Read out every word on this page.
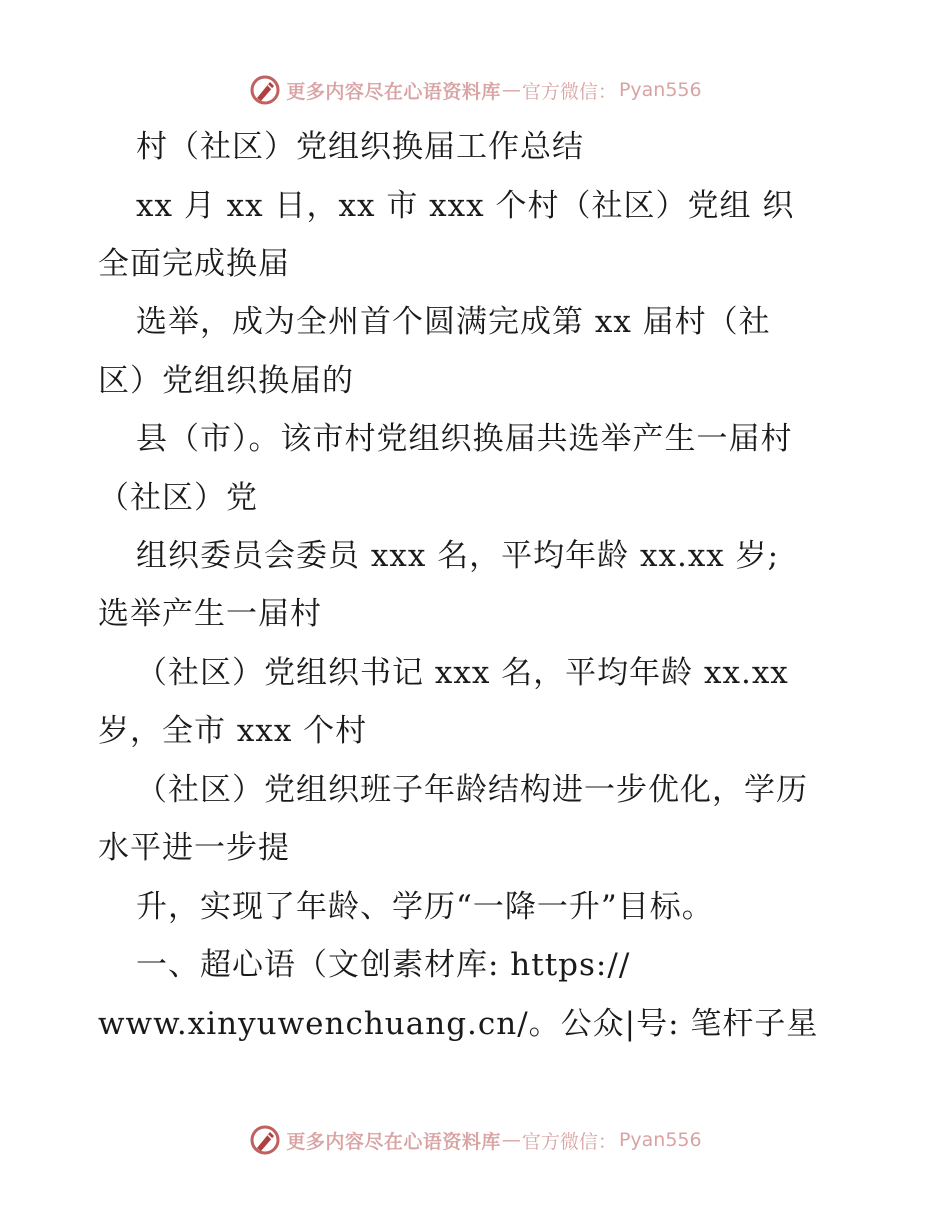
更多内容尽在心语资料库 — 官方微信： Pyan556
村（社区）党组织换届工作总结
xx 月 xx 日，xx 市 xxx 个村（社区）党组 织
全面完成换届
选举，成为全州首个圆满完成第 xx 届村（社
区）党组织换届的
县（市）。该市村党组织换届共选举产生一届村
（社区）党
组织委员会委员 xxx 名，平均年龄 xx.xx 岁;
选举产生一届村
（社区）党组织书记 xxx 名，平均年龄 xx.xx
岁，全市 xxx 个村
（社区）党组织班子年龄结构进一步优化，学历
水平进一步提
升，实现了年龄、学历“一降一升”目标。
一、超心语（文创素材库: https://
www.xinyuwenchuang.cn/。公众|号: 笔杆子星
更多内容尽在心语资料库 — 官方微信： Pyan556
